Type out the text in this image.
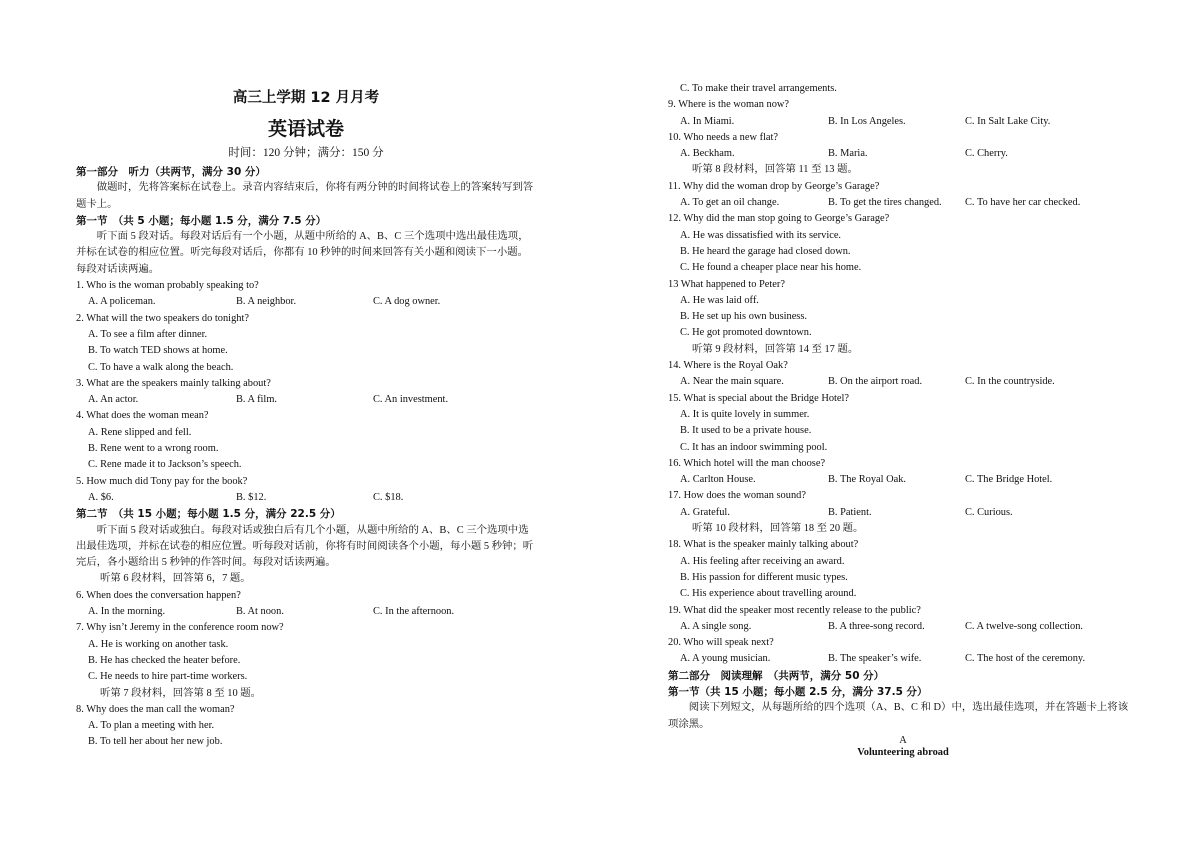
高三上学期 12 月月考
英语试卷
时间：120 分钟；满分：150 分

第一部分　听力（共两节，满分 30 分）

做题时，先将答案标在试卷上。录音内容结束后，你将有两分钟的时间将试卷上的答案转写到答题卡上。

第一节　（共 5 小题；每小题 1.5 分，满分 7.5 分）

听下面 5 段对话。每段对话后有一个小题，从题中所给的 A、B、C 三个选项中选出最佳选项，并标在试卷的相应位置。听完每段对话后，你都有 10 秒钟的时间来回答有关小题和阅读下一小题。每段对话读两遍。

1. Who is the woman probably speaking to?

A. A policeman.	B. A neighbor.	C. A dog owner.

2. What will the two speakers do tonight?

A. To see a film after dinner.

B. To watch TED shows at home.

C. To have a walk along the beach.

3. What are the speakers mainly talking about?

A. An actor.	B. A film.	C. An investment.

4. What does the woman mean?

A. Rene slipped and fell.

B. Rene went to a wrong room.

C. Rene made it to Jackson’s speech.

5. How much did Tony pay for the book?

A. $6.	B. $12.	C. $18.

第二节　（共 15 小题；每小题 1.5 分，满分 22.5 分）

听下面 5 段对话或独白。每段对话或独白后有几个小题，从题中所给的 A、B、C 三个选项中选出最佳选项，并标在试卷的相应位置。听每段对话前，你将有时间阅读各个小题，每小题 5 秒钟；听完后，各小题给出 5 秒钟的作答时间。每段对话读两遍。

听第 6 段材料，回答第 6，7 题。

6. When does the conversation happen?

A. In the morning.	B. At noon.	C. In the afternoon.

7. Why isn’t Jeremy in the conference room now?

A. He is working on another task.

B. He has checked the heater before.

C. He needs to hire part-time workers.

听第 7 段材料，回答第 8 至 10 题。

8. Why does the man call the woman?

A. To plan a meeting with her.

B. To tell her about her new job.

C. To make their travel arrangements.

9. Where is the woman now?

A. In Miami.	B. In Los Angeles.	C. In Salt Lake City.

10. Who needs a new flat?

A. Beckham.	B. Maria.	C. Cherry.

听第 8 段材料，回答第 11 至 13 题。

11. Why did the woman drop by George’s Garage?

A. To get an oil change.	B. To get the tires changed.	C. To have her car checked.

12. Why did the man stop going to George’s Garage?

A. He was dissatisfied with its service.

B. He heard the garage had closed down.

C. He found a cheaper place near his home.

13 What happened to Peter?

A. He was laid off.

B. He set up his own business.

C. He got promoted downtown.

听第 9 段材料，回答第 14 至 17 题。

14. Where is the Royal Oak?

A. Near the main square.	B. On the airport road.	C. In the countryside.

15. What is special about the Bridge Hotel?

A. It is quite lovely in summer.

B. It used to be a private house.

C. It has an indoor swimming pool.

16. Which hotel will the man choose?

A. Carlton House.	B. The Royal Oak.	C. The Bridge Hotel.

17. How does the woman sound?

A. Grateful.	B. Patient.	C. Curious.

听第 10 段材料，回答第 18 至 20 题。

18. What is the speaker mainly talking about?

A. His feeling after receiving an award.

B. His passion for different music types.

C. His experience about travelling around.

19. What did the speaker most recently release to the public?

A. A single song.	B. A three-song record.	C. A twelve-song collection.

20. Who will speak next?

A. A young musician.	B. The speaker’s wife.	C. The host of the ceremony.

第二部分　阅读理解　（共两节，满分 50 分）

第一节（共 15 小题；每小题 2.5 分，满分 37.5 分）

阅读下列短文，从每题所给的四个选项（A、B、C 和 D）中，选出最佳选项，并在答题卡上将该项涂黑。

A

Volunteering abroad
